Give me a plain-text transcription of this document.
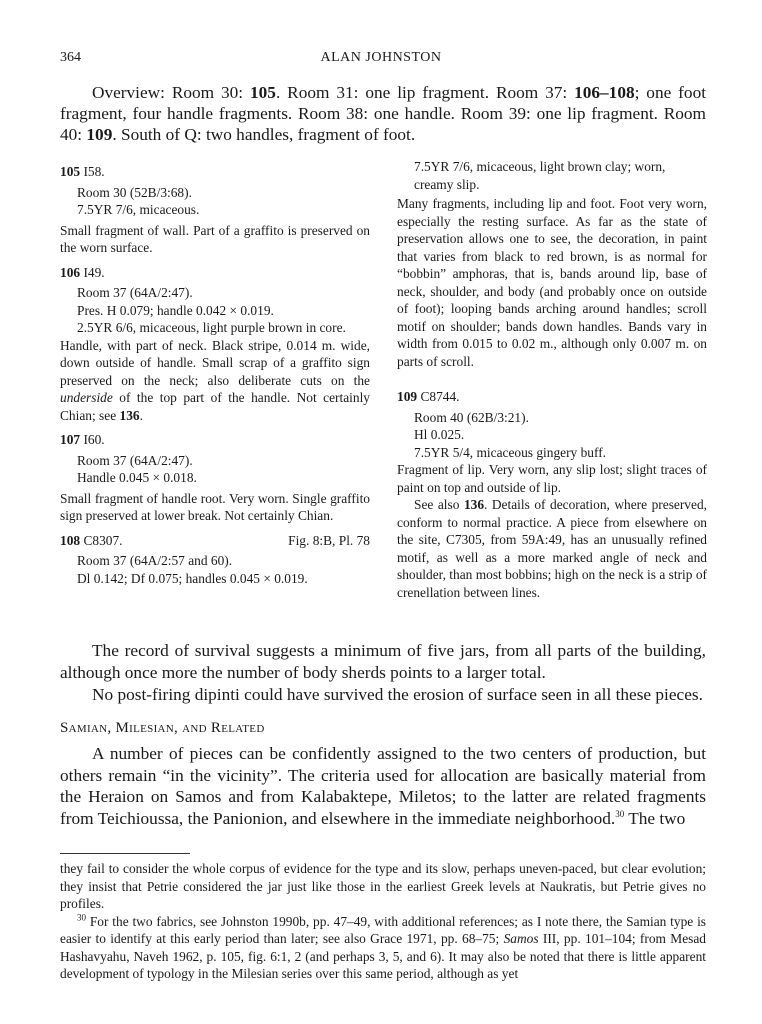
364	ALAN JOHNSTON
Overview: Room 30: 105. Room 31: one lip fragment. Room 37: 106–108; one foot fragment, four handle fragments. Room 38: one handle. Room 39: one lip fragment. Room 40: 109. South of Q: two handles, fragment of foot.

105 I58.

Room 30 (52B/3:68).

7.5YR 7/6, micaceous.

Small fragment of wall. Part of a graffito is preserved on the worn surface.

106 I49.

Room 37 (64A/2:47).

Pres. H 0.079; handle 0.042 × 0.019.

2.5YR 6/6, micaceous, light purple brown in core.

Handle, with part of neck. Black stripe, 0.014 m. wide, down outside of handle. Small scrap of a graffito sign preserved on the neck; also deliberate cuts on the underside of the top part of the handle. Not certainly Chian; see 136.

107 I60.

Room 37 (64A/2:47).

Handle 0.045 × 0.018.

Small fragment of handle root. Very worn. Single graffito sign preserved at lower break. Not certainly Chian.

108 C8307.	Fig. 8:B, Pl. 78

Room 37 (64A/2:57 and 60).

Dl 0.142; Df 0.075; handles 0.045 × 0.019.

7.5YR 7/6, micaceous, light brown clay; worn, creamy slip.

Many fragments, including lip and foot. Foot very worn, especially the resting surface. As far as the state of preservation allows one to see, the decoration, in paint that varies from black to red brown, is as normal for “bobbin” amphoras, that is, bands around lip, base of neck, shoulder, and body (and probably once on outside of foot); looping bands arching around handles; scroll motif on shoulder; bands down handles. Bands vary in width from 0.015 to 0.02 m., although only 0.007 m. on parts of scroll.

109 C8744.

Room 40 (62B/3:21).

Hl 0.025.

7.5YR 5/4, micaceous gingery buff.

Fragment of lip. Very worn, any slip lost; slight traces of paint on top and outside of lip.

See also 136. Details of decoration, where preserved, conform to normal practice. A piece from elsewhere on the site, C7305, from 59A:49, has an unusually refined motif, as well as a more marked angle of neck and shoulder, than most bobbins; high on the neck is a strip of crenellation between lines.

The record of survival suggests a minimum of five jars, from all parts of the building, although once more the number of body sherds points to a larger total.

No post-firing dipinti could have survived the erosion of surface seen in all these pieces.

Samian, Milesian, and Related

A number of pieces can be confidently assigned to the two centers of production, but others remain “in the vicinity”. The criteria used for allocation are basically material from the Heraion on Samos and from Kalabaktepe, Miletos; to the latter are related fragments from Teichioussa, the Panionion, and elsewhere in the immediate neighborhood.$^{30}$ The two

they fail to consider the whole corpus of evidence for the type and its slow, perhaps uneven-paced, but clear evolution; they insist that Petrie considered the jar just like those in the earliest Greek levels at Naukratis, but Petrie gives no profiles.

$^{30}$ For the two fabrics, see Johnston 1990b, pp. 47–49, with additional references; as I note there, the Samian type is easier to identify at this early period than later; see also Grace 1971, pp. 68–75; Samos III, pp. 101–104; from Mesad Hashavyahu, Naveh 1962, p. 105, fig. 6:1, 2 (and perhaps 3, 5, and 6). It may also be noted that there is little apparent development of typology in the Milesian series over this same period, although as yet
